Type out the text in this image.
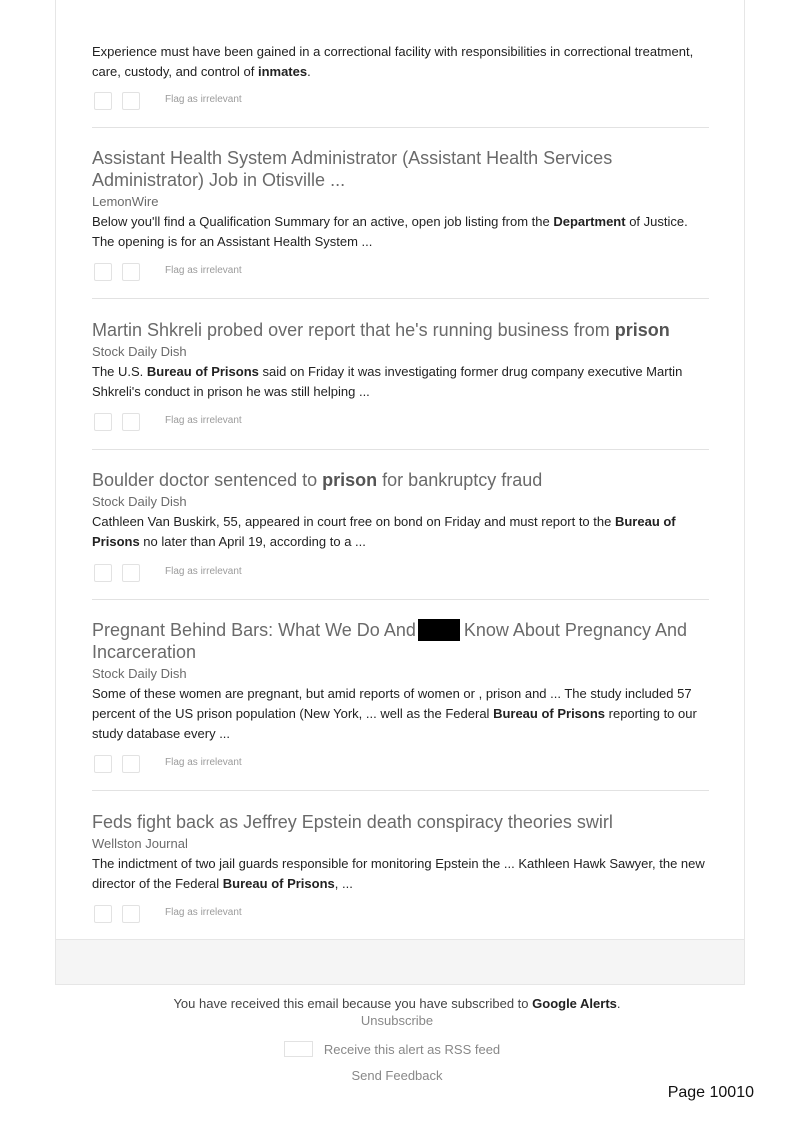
Experience must have been gained in a correctional facility with responsibilities in correctional treatment, care, custody, and control of inmates.
Flag as irrelevant
Assistant Health System Administrator (Assistant Health Services Administrator) Job in Otisville ...
LemonWire
Below you'll find a Qualification Summary for an active, open job listing from the Department of Justice. The opening is for an Assistant Health System ...
Flag as irrelevant
Martin Shkreli probed over report that he's running business from prison
Stock Daily Dish
The U.S. Bureau of Prisons said on Friday it was investigating former drug company executive Martin Shkreli's conduct in prison he was still helping ...
Flag as irrelevant
Boulder doctor sentenced to prison for bankruptcy fraud
Stock Daily Dish
Cathleen Van Buskirk, 55, appeared in court free on bond on Friday and must report to the Bureau of Prisons no later than April 19, according to a ...
Flag as irrelevant
Pregnant Behind Bars: What We Do And	Know About Pregnancy And Incarceration
Stock Daily Dish
Some of these women are pregnant, but amid reports of women or , prison and ... The study included 57 percent of the US prison population (New York, ... well as the Federal Bureau of Prisons reporting to our study database every ...
Flag as irrelevant
Feds fight back as Jeffrey Epstein death conspiracy theories swirl
Wellston Journal
The indictment of two jail guards responsible for monitoring Epstein the ... Kathleen Hawk Sawyer, the new director of the Federal Bureau of Prisons, ...
Flag as irrelevant
You have received this email because you have subscribed to Google Alerts.
Unsubscribe
Receive this alert as RSS feed
Send Feedback
Page 10010
